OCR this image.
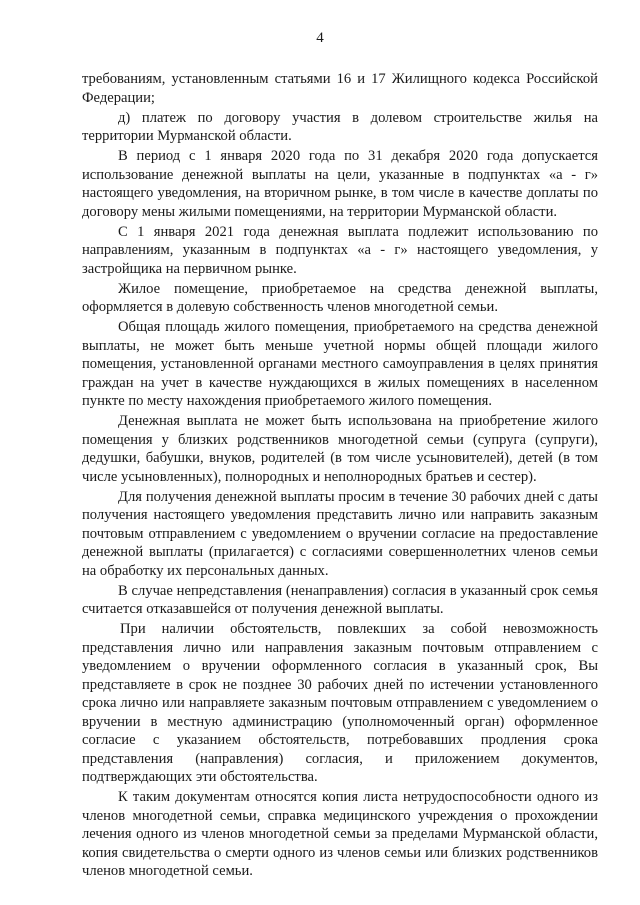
4

требованиям, установленным статьями 16 и 17 Жилищного кодекса Российской Федерации;

д) платеж по договору участия в долевом строительстве жилья на территории Мурманской области.

В период с 1 января 2020 года по 31 декабря 2020 года допускается использование денежной выплаты на цели, указанные в подпунктах «а - г» настоящего уведомления, на вторичном рынке, в том числе в качестве доплаты по договору мены жилыми помещениями, на территории Мурманской области.

С 1 января 2021 года денежная выплата подлежит использованию по направлениям, указанным в подпунктах «а - г» настоящего уведомления, у застройщика на первичном рынке.

Жилое помещение, приобретаемое на средства денежной выплаты, оформляется в долевую собственность членов многодетной семьи.

Общая площадь жилого помещения, приобретаемого на средства денежной выплаты, не может быть меньше учетной нормы общей площади жилого помещения, установленной органами местного самоуправления в целях принятия граждан на учет в качестве нуждающихся в жилых помещениях в населенном пункте по месту нахождения приобретаемого жилого помещения.

Денежная выплата не может быть использована на приобретение жилого помещения у близких родственников многодетной семьи (супруга (супруги), дедушки, бабушки, внуков, родителей (в том числе усыновителей), детей (в том числе усыновленных), полнородных и неполнородных братьев и сестер).

Для получения денежной выплаты просим в течение 30 рабочих дней с даты получения настоящего уведомления представить лично или направить заказным почтовым отправлением с уведомлением о вручении согласие на предоставление денежной выплаты (прилагается) с согласиями совершеннолетних членов семьи на обработку их персональных данных.

В случае непредставления (ненаправления) согласия в указанный срок семья считается отказавшейся от получения денежной выплаты.

При наличии обстоятельств, повлекших за собой невозможность представления лично или направления заказным почтовым отправлением с уведомлением о вручении оформленного согласия в указанный срок, Вы представляете в срок не позднее 30 рабочих дней по истечении установленного срока лично или направляете заказным почтовым отправлением с уведомлением о вручении в местную администрацию (уполномоченный орган) оформленное согласие с указанием обстоятельств, потребовавших продления срока представления (направления) согласия, и приложением документов, подтверждающих эти обстоятельства.

К таким документам относятся копия листа нетрудоспособности одного из членов многодетной семьи, справка медицинского учреждения о прохождении лечения одного из членов многодетной семьи за пределами Мурманской области, копия свидетельства о смерти одного из членов семьи или близких родственников членов многодетной семьи.
